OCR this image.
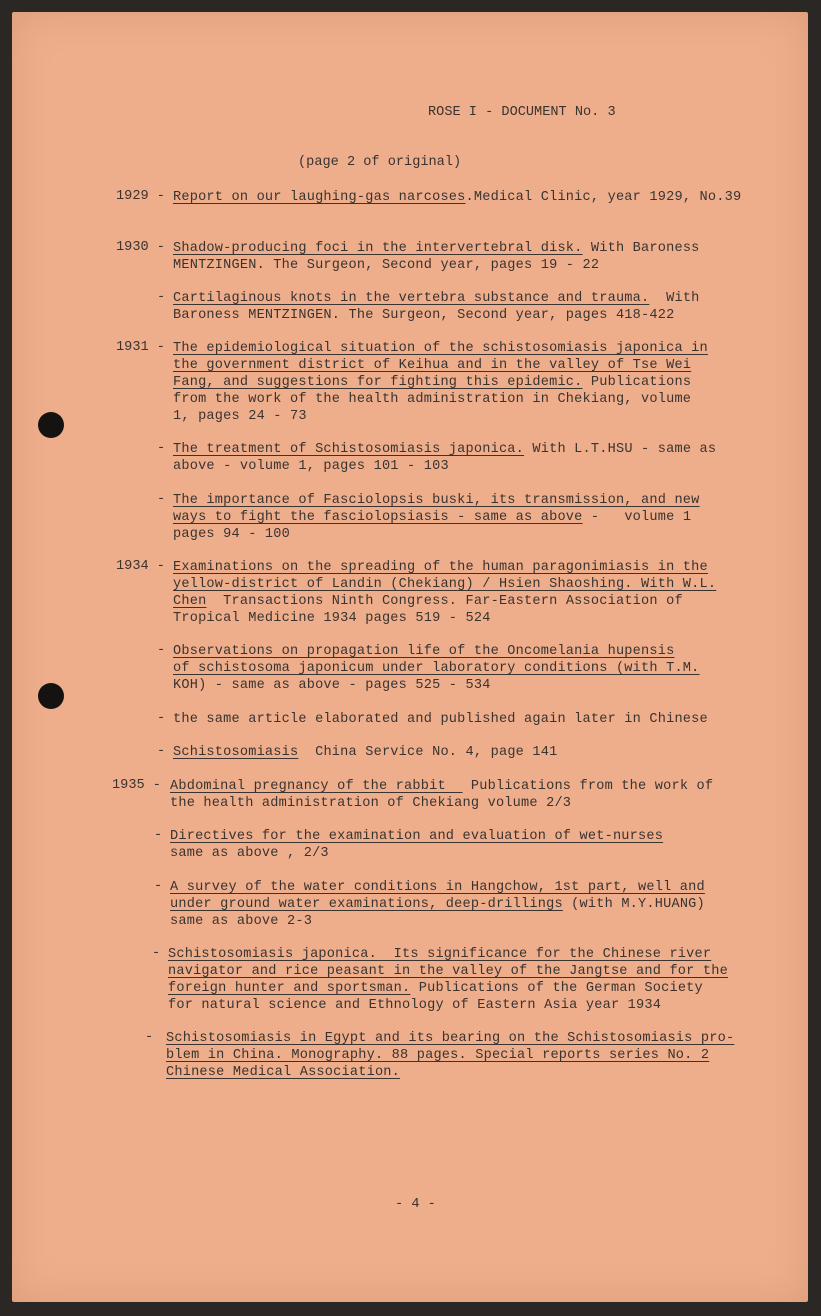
ROSE I - DOCUMENT No. 3
(page 2 of original)
1929 - Report on our laughing-gas narcoses.Medical Clinic, year 1929, No.39
1930 - Shadow-producing foci in the intervertebral disk. With Baroness
MENTZINGEN. The Surgeon, Second year, pages 19 - 22
- Cartilaginous knots in the vertebra substance and trauma.  With
Baroness MENTZINGEN. The Surgeon, Second year, pages 418-422
1931 - The epidemiological situation of the schistosomiasis japonica in
the government district of Keihua and in the valley of Tse Wei
Fang, and suggestions for fighting this epidemic. Publications
from the work of the health administration in Chekiang, volume
1, pages 24 - 73
- The treatment of Schistosomiasis japonica. With L.T.HSU - same as
above - volume 1, pages 101 - 103
- The importance of Fasciolopsis buski, its transmission, and new
ways to fight the fasciolopsiasis - same as above -   volume 1
pages 94 - 100
1934 - Examinations on the spreading of the human paragonimiasis in the
yellow-district of Landin (Chekiang) / Hsien Shaoshing. With W.L.
Chen  Transactions Ninth Congress. Far-Eastern Association of
Tropical Medicine 1934 pages 519 - 524
- Observations on propagation life of the Oncomelania hupensis
of schistosoma japonicum under laboratory conditions (with T.M.
KOH) - same as above - pages 525 - 534
- the same article elaborated and published again later in Chinese
- Schistosomiasis  China Service No. 4, page 141
1935 - Abdominal pregnancy of the rabbit   Publications from the work of
the health administration of Chekiang volume 2/3
- Directives for the examination and evaluation of wet-nurses
same as above , 2/3
- A survey of the water conditions in Hangchow, 1st part, well and
under ground water examinations, deep-drillings (with M.Y.HUANG)
same as above 2-3
- Schistosomiasis japonica.  Its significance for the Chinese river
navigator and rice peasant in the valley of the Jangtse and for the
foreign hunter and sportsman. Publications of the German Society
for natural science and Ethnology of Eastern Asia year 1934
- Schistosomiasis in Egypt and its bearing on the Schistosomiasis pro-
blem in China. Monography. 88 pages. Special reports series No. 2
Chinese Medical Association.
- 4 -
